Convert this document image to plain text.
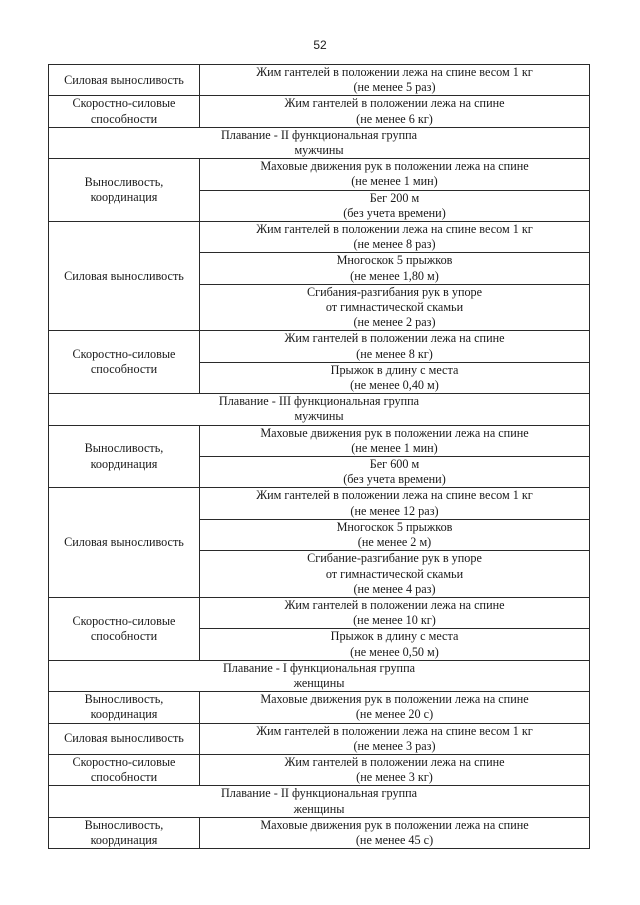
52
Силовая выносливость	Жим гантелей в положении лежа на спине весом 1 кг
(не менее 5 раз)

Скоростно-силовые
способности	Жим гантелей в положении лежа на спине
(не менее 6 кг)

Плавание - II функциональная группа
мужчины	

Выносливость,
координация	Маховые движения рук в положении лежа на спине
(не менее 1 мин)

	Бег 200 м
(без учета времени)

Силовая выносливость	Жим гантелей в положении лежа на спине весом 1 кг
(не менее 8 раз)

	Многоскок 5 прыжков
(не менее 1,80 м)

	Сгибания-разгибания рук в упоре
от гимнастической скамьи
(не менее 2 раз)

Скоростно-силовые
способности	Жим гантелей в положении лежа на спине
(не менее 8 кг)

	Прыжок в длину с места
(не менее 0,40 м)

Плавание - III функциональная группа
мужчины	

Выносливость,
координация	Маховые движения рук в положении лежа на спине
(не менее 1 мин)

	Бег 600 м
(без учета времени)

Силовая выносливость	Жим гантелей в положении лежа на спине весом 1 кг
(не менее 12 раз)

	Многоскок 5 прыжков
(не менее 2 м)

	Сгибание-разгибание рук в упоре
от гимнастической скамьи
(не менее 4 раз)

Скоростно-силовые
способности	Жим гантелей в положении лежа на спине
(не менее 10 кг)

	Прыжок в длину с места
(не менее 0,50 м)

Плавание - I функциональная группа
женщины	

Выносливость,
координация	Маховые движения рук в положении лежа на спине
(не менее 20 с)

Силовая выносливость	Жим гантелей в положении лежа на спине весом 1 кг
(не менее 3 раз)

Скоростно-силовые
способности	Жим гантелей в положении лежа на спине
(не менее 3 кг)

Плавание - II функциональная группа
женщины	

Выносливость,
координация	Маховые движения рук в положении лежа на спине
(не менее 45 с)
